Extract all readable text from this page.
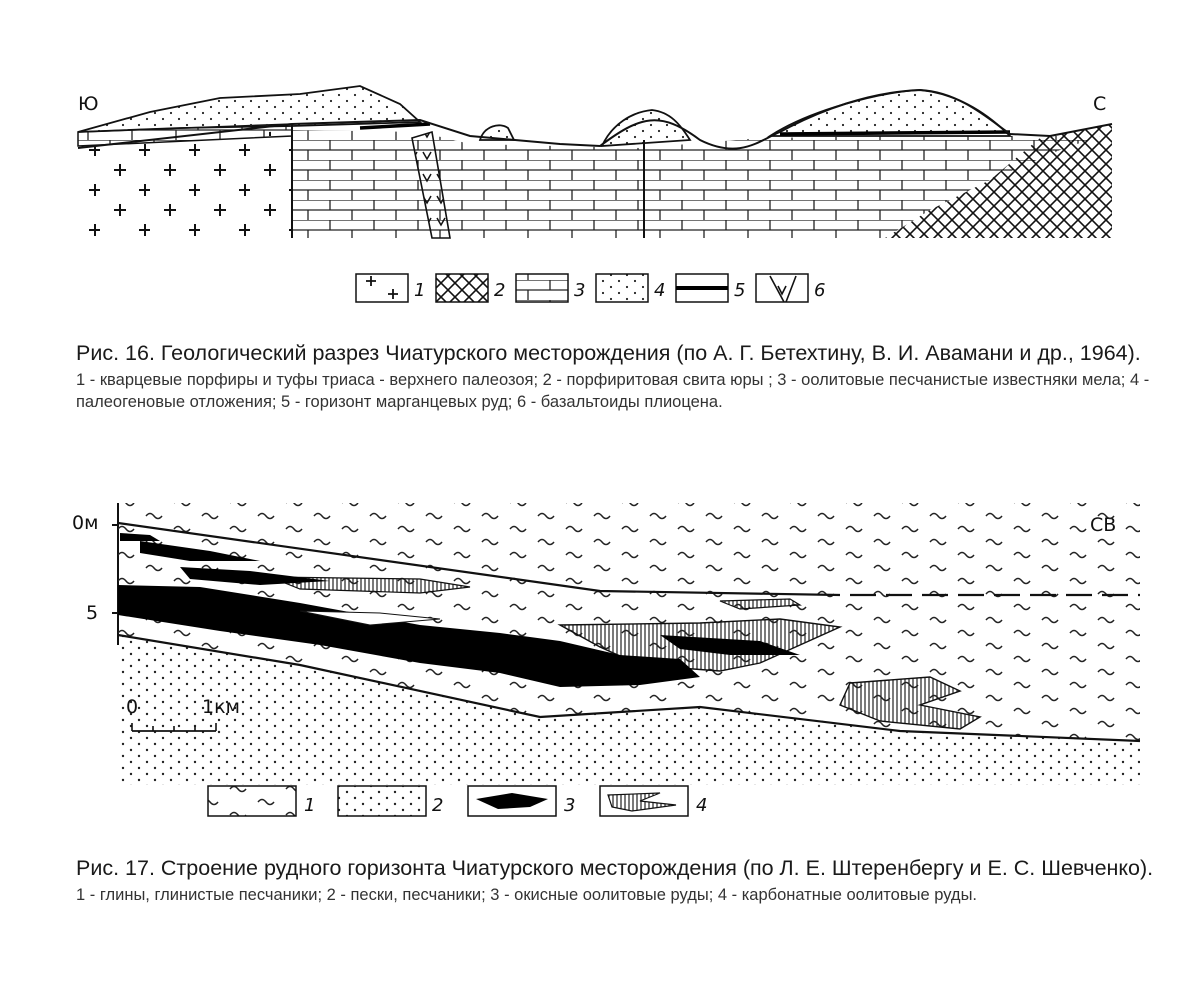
Ю	С
1	2	3	4	5	6
Рис. 16. Геологический разрез Чиатурского месторождения (по А. Г. Бетехтину, В. И. Авамани и др., 1964).
1 - кварцевые порфиры и туфы триаса - верхнего палеозоя; 2 - порфиритовая свита юры ; 3 - оолитовые песчанистые известняки мела; 4 - палеогеновые отложения; 5 - горизонт марганцевых руд; 6 - базальтоиды плиоцена.
0м
5
0	1км
1	2	3	4
Рис. 17. Строение рудного горизонта Чиатурского месторождения (по Л. Е. Штеренбергу и Е. С. Шевченко).
1 - глины, глинистые песчаники; 2 - пески, песчаники; 3 - окисные оолитовые руды; 4 - карбонатные оолитовые руды.
